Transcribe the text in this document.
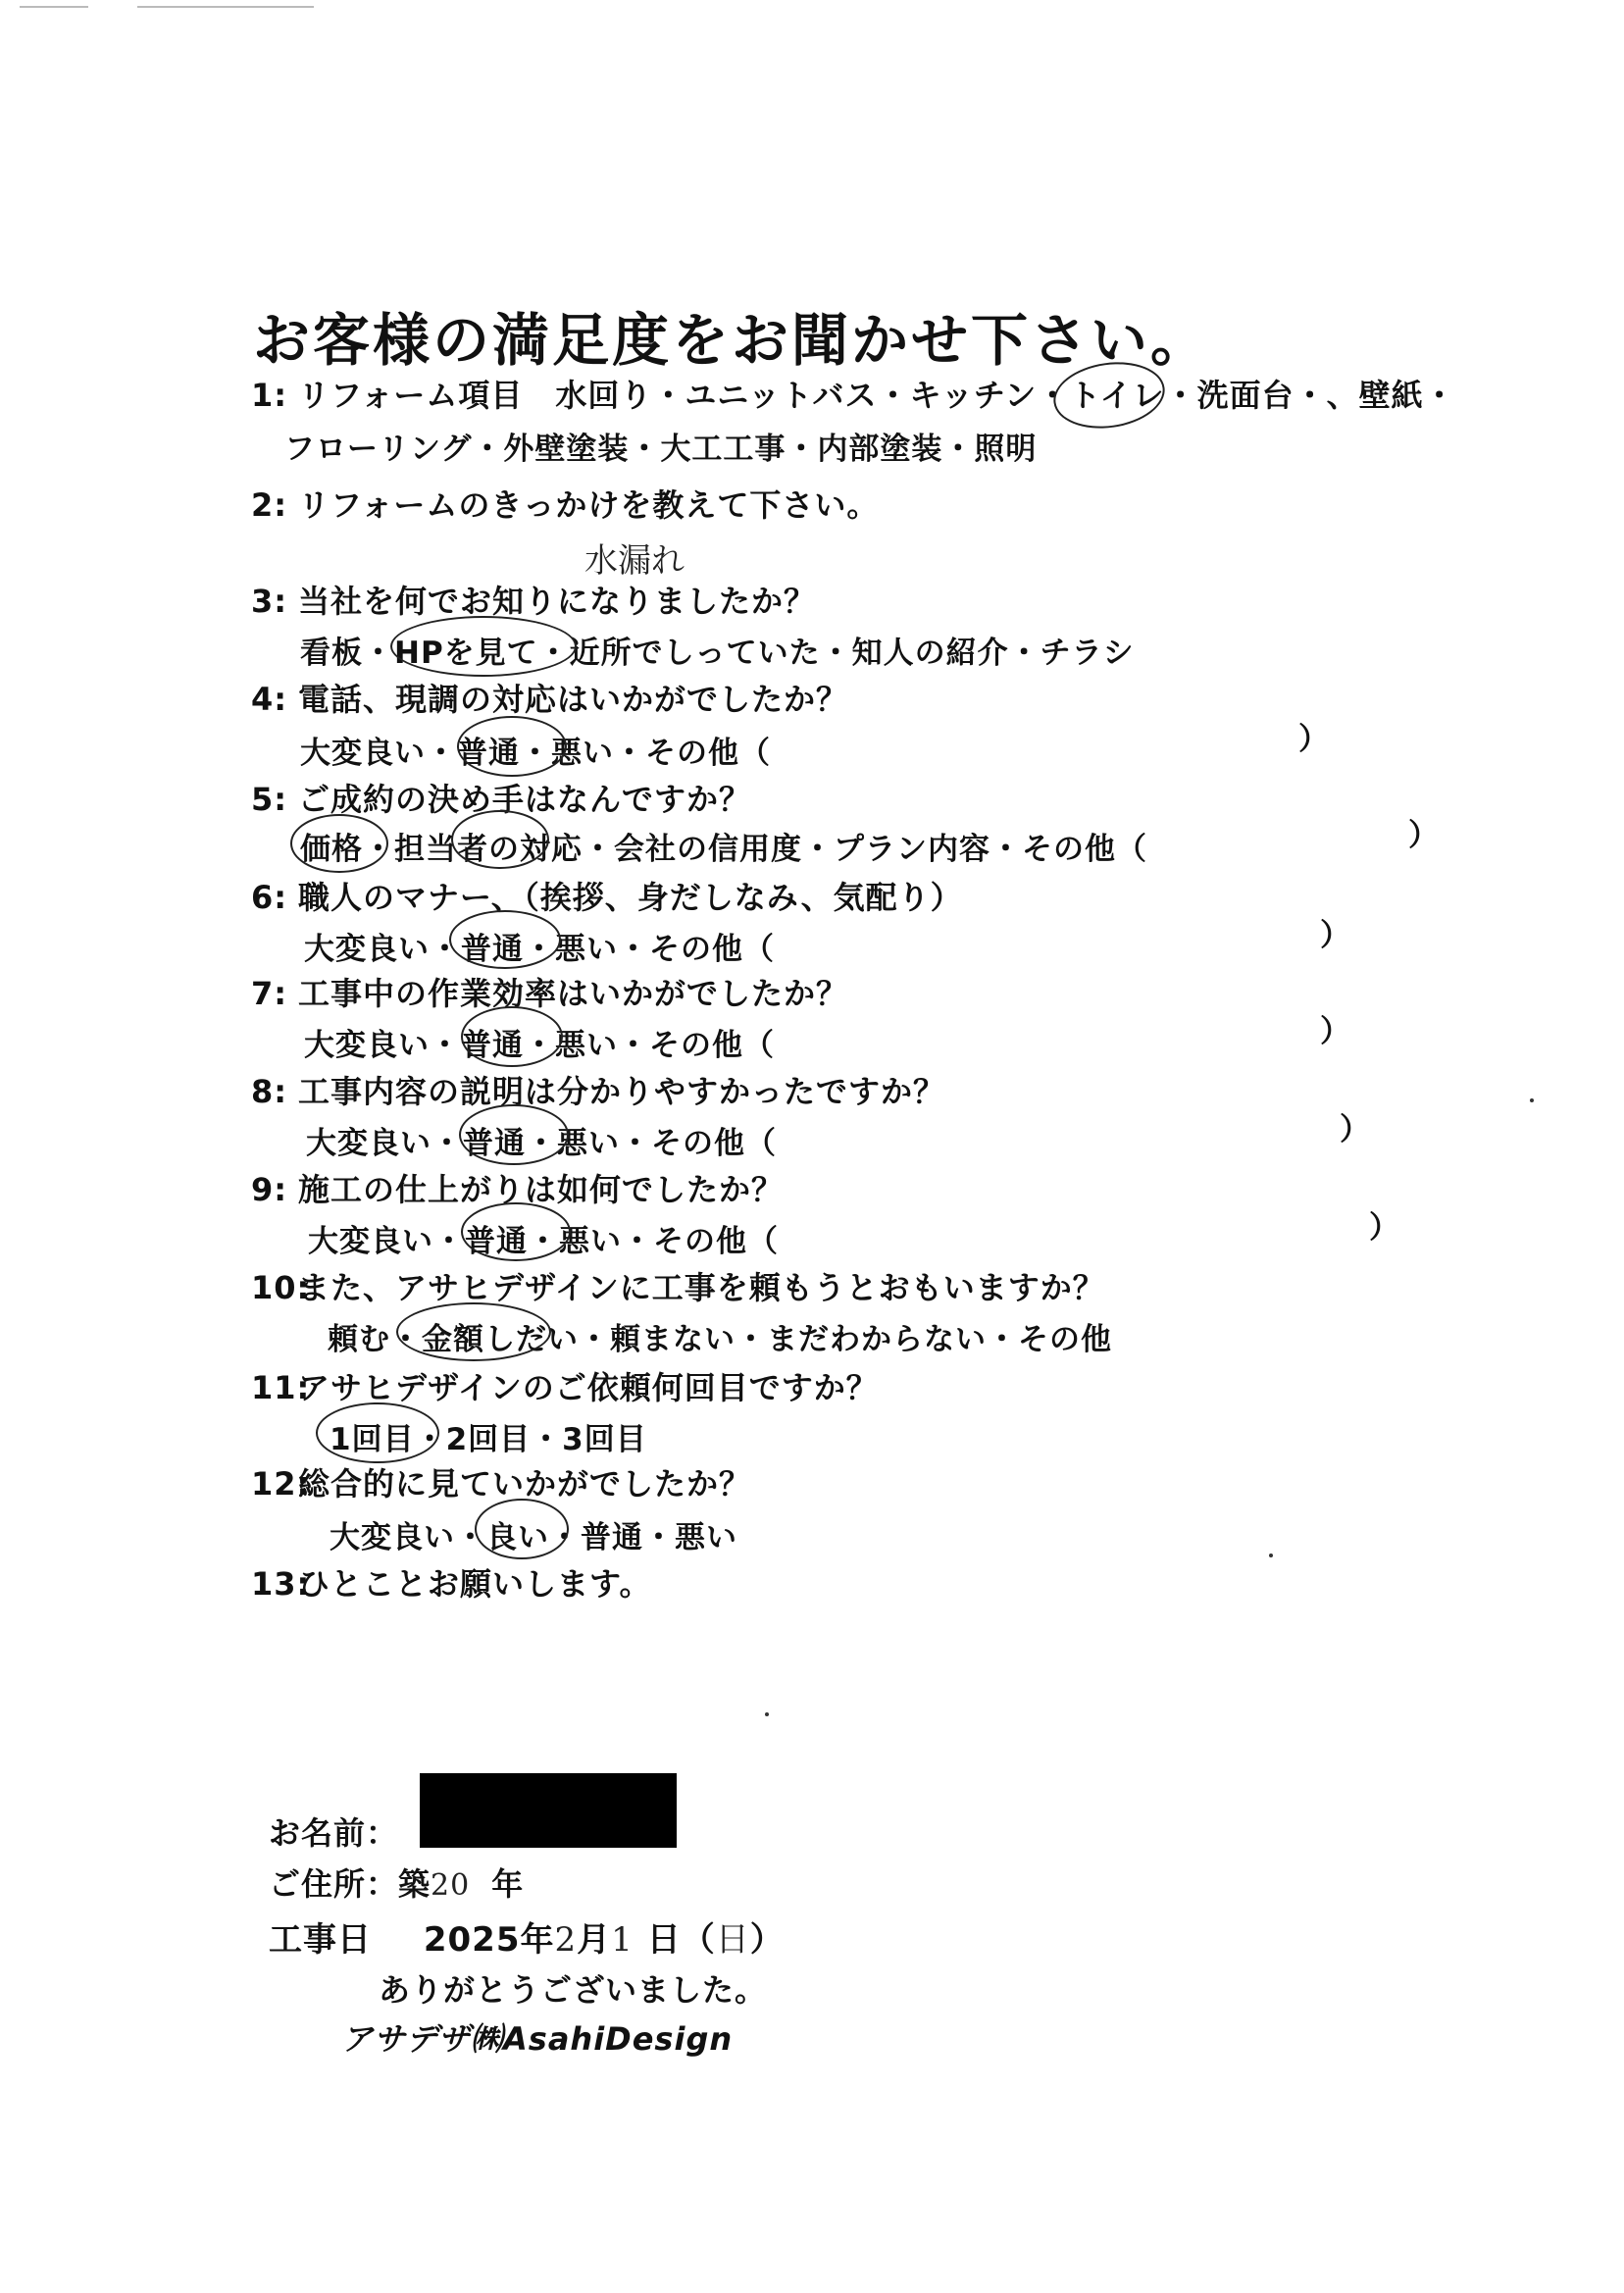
お客様の満足度をお聞かせ下さい。
1: リフォーム項目　水回り・ユニットバス・キッチン・トイレ・洗面台・、壁紙・
フローリング・外壁塗装・大工工事・内部塗装・照明
2: リフォームのきっかけを教えて下さい。
水漏れ
3: 当社を何でお知りになりましたか？
看板・HPを見て・近所でしっていた・知人の紹介・チラシ
4: 電話、現調の対応はいかがでしたか？
大変良い・普通・悪い・その他（	）
5: ご成約の決め手はなんですか？
価格・担当者の対応・会社の信用度・プラン内容・その他（	）
6: 職人のマナー、（挨拶、身だしなみ、気配り）
大変良い・普通・悪い・その他（	）
7: 工事中の作業効率はいかがでしたか？
大変良い・普通・悪い・その他（	）
8: 工事内容の説明は分かりやすかったですか？
大変良い・普通・悪い・その他（	）
9: 施工の仕上がりは如何でしたか？
大変良い・普通・悪い・その他（	）
10:また、アサヒデザインに工事を頼もうとおもいますか？
頼む・金額しだい・頼まない・まだわからない・その他
11:アサヒデザインのご依頼何回目ですか？
1回目・2回目・3回目
12:総合的に見ていかがでしたか？
大変良い・良い・普通・悪い
13:ひとことお願いします。
お名前：
ご住所：築20 年
工事日 2025年2月1 日（日）
ありがとうございました。
アサデザ㈱AsahiDesign
